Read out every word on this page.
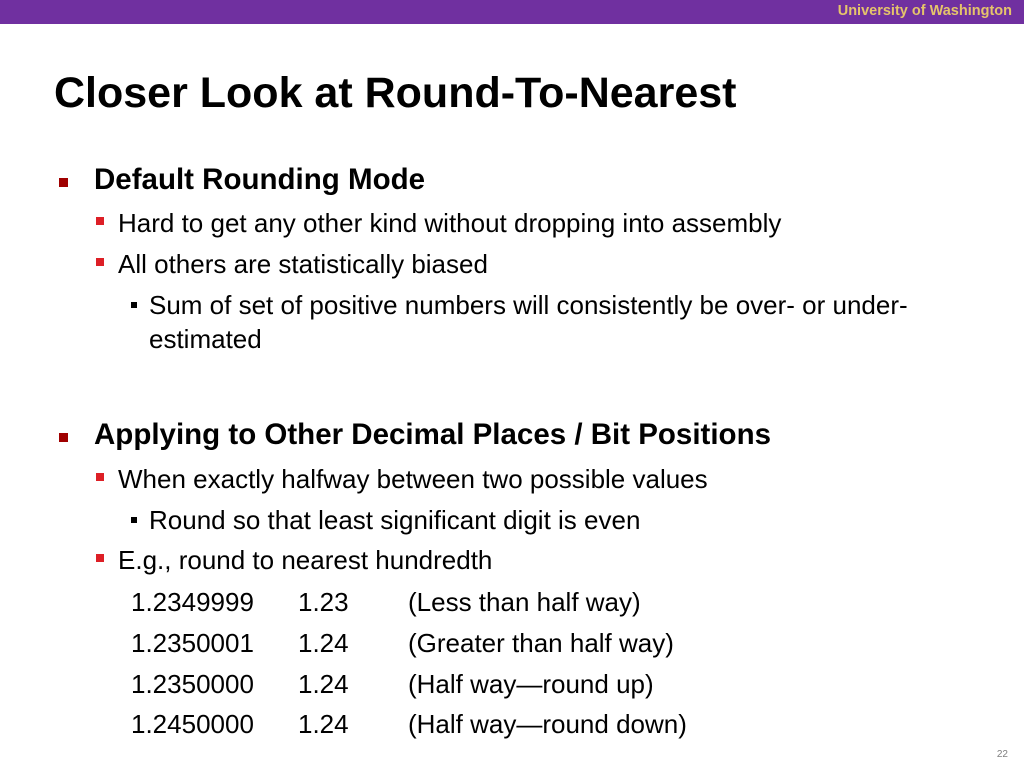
University of Washington
Closer Look at Round-To-Nearest
Default Rounding Mode
Hard to get any other kind without dropping into assembly
All others are statistically biased
Sum of set of positive numbers will consistently be over- or under-
estimated
Applying to Other Decimal Places / Bit Positions
When exactly halfway between two possible values
Round so that least significant digit is even
E.g., round to nearest hundredth
1.2349999 1.23 (Less than half way)
1.2350001 1.24 (Greater than half way)
1.2350000 1.24 (Half way—round up)
1.2450000 1.24 (Half way—round down)
22
